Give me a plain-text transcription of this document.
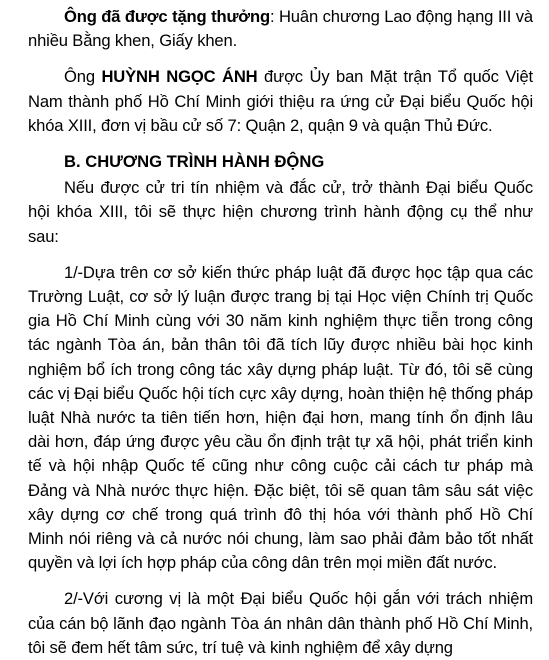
Ông đã được tặng thưởng: Huân chương Lao động hạng III và nhiều Bằng khen, Giấy khen.

Ông HUỲNH NGỌC ÁNH được Ủy ban Mặt trận Tổ quốc Việt Nam thành phố Hồ Chí Minh giới thiệu ra ứng cử Đại biểu Quốc hội khóa XIII, đơn vị bầu cử số 7: Quận 2, quận 9 và quận Thủ Đức.

B. CHƯƠNG TRÌNH HÀNH ĐỘNG

Nếu được cử tri tín nhiệm và đắc cử, trở thành Đại biểu Quốc hội khóa XIII, tôi sẽ thực hiện chương trình hành động cụ thể như sau:

1/-Dựa trên cơ sở kiến thức pháp luật đã được học tập qua các Trường Luật, cơ sở lý luận được trang bị tại Học viện Chính trị Quốc gia Hồ Chí Minh cùng với 30 năm kinh nghiệm thực tiễn trong công tác ngành Tòa án, bản thân tôi đã tích lũy được nhiều bài học kinh nghiệm bổ ích trong công tác xây dựng pháp luật. Từ đó, tôi sẽ cùng các vị Đại biểu Quốc hội tích cực xây dựng, hoàn thiện hệ thống pháp luật Nhà nước ta tiên tiến hơn, hiện đại hơn, mang tính ổn định lâu dài hơn, đáp ứng được yêu cầu ổn định trật tự xã hội, phát triển kinh tế và hội nhập Quốc tế cũng như công cuộc cải cách tư pháp mà Đảng và Nhà nước thực hiện. Đặc biệt, tôi sẽ quan tâm sâu sát việc xây dựng cơ chế trong quá trình đô thị hóa với thành phố Hồ Chí Minh nói riêng và cả nước nói chung, làm sao phải đảm bảo tốt nhất quyền và lợi ích hợp pháp của công dân trên mọi miền đất nước.

2/-Với cương vị là một Đại biểu Quốc hội gắn với trách nhiệm của cán bộ lãnh đạo ngành Tòa án nhân dân thành phố Hồ Chí Minh, tôi sẽ đem hết tâm sức, trí tuệ và kinh nghiệm để xây dựng
